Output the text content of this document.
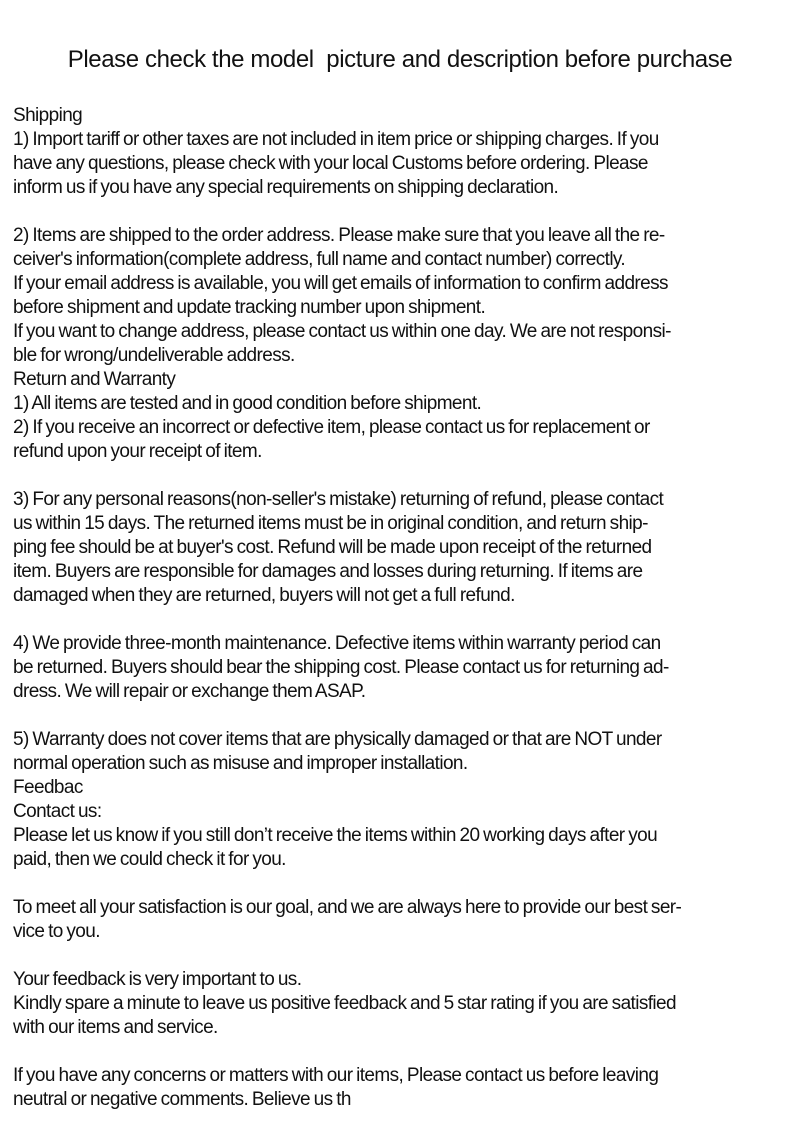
Please check the model  picture and description before purchase
Shipping
1) Import tariff or other taxes are not included in item price or shipping charges. If you
have any questions, please check with your local Customs before ordering. Please
inform us if you have any special requirements on shipping declaration.
2) Items are shipped to the order address. Please make sure that you leave all the re-
ceiver's information(complete address, full name and contact number) correctly.
If your email address is available, you will get emails of information to confirm address
before shipment and update tracking number upon shipment.
If you want to change address, please contact us within one day. We are not responsi-
ble for wrong/undeliverable address.
Return and Warranty
1) All items are tested and in good condition before shipment.
2) If you receive an incorrect or defective item, please contact us for replacement or
refund upon your receipt of item.
3) For any personal reasons(non-seller's mistake) returning of refund, please contact
us within 15 days. The returned items must be in original condition, and return ship-
ping fee should be at buyer's cost. Refund will be made upon receipt of the returned
item. Buyers are responsible for damages and losses during returning. If items are
damaged when they are returned, buyers will not get a full refund.
4) We provide three-month maintenance. Defective items within warranty period can
be returned. Buyers should bear the shipping cost. Please contact us for returning ad-
dress. We will repair or exchange them ASAP.
5) Warranty does not cover items that are physically damaged or that are NOT under
normal operation such as misuse and improper installation.
Feedbac
Contact us:
Please let us know if you still don’t receive the items within 20 working days after you
paid, then we could check it for you.
To meet all your satisfaction is our goal, and we are always here to provide our best ser-
vice to you.
Your feedback is very important to us.
Kindly spare a minute to leave us positive feedback and 5 star rating if you are satisfied
with our items and service.
If you have any concerns or matters with our items, Please contact us before leaving
neutral or negative comments. Believe us th
